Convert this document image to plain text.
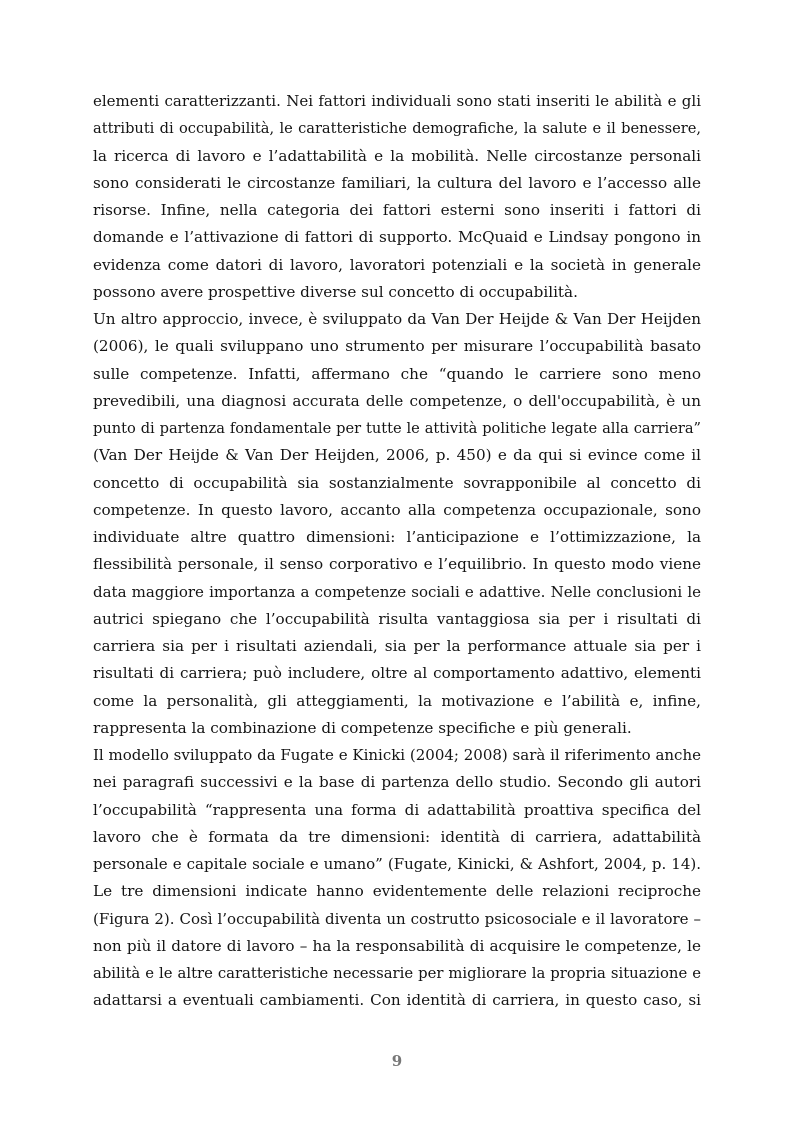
elementi caratterizzanti. Nei fattori individuali sono stati inseriti le abilità e gli
attributi di occupabilità, le caratteristiche demografiche, la salute e il benessere,
la ricerca di lavoro e l’adattabilità e la mobilità. Nelle circostanze personali
sono considerati le circostanze familiari, la cultura del lavoro e l’accesso alle
risorse. Infine, nella categoria dei fattori esterni sono inseriti i fattori di
domande e l’attivazione di fattori di supporto. McQuaid e Lindsay pongono in
evidenza come datori di lavoro, lavoratori potenziali e la società in generale
possono avere prospettive diverse sul concetto di occupabilità.
Un altro approccio, invece, è sviluppato da Van Der Heijde & Van Der Heijden
(2006), le quali sviluppano uno strumento per misurare l’occupabilità basato
sulle competenze. Infatti, affermano che “quando le carriere sono meno
prevedibili, una diagnosi accurata delle competenze, o dell'occupabilità, è un
punto di partenza fondamentale per tutte le attività politiche legate alla carriera”
(Van Der Heijde & Van Der Heijden, 2006, p. 450) e da qui si evince come il
concetto di occupabilità sia sostanzialmente sovrapponibile al concetto di
competenze. In questo lavoro, accanto alla competenza occupazionale, sono
individuate altre quattro dimensioni: l’anticipazione e l’ottimizzazione, la
flessibilità personale, il senso corporativo e l’equilibrio. In questo modo viene
data maggiore importanza a competenze sociali e adattive. Nelle conclusioni le
autrici spiegano che l’occupabilità risulta vantaggiosa sia per i risultati di
carriera sia per i risultati aziendali, sia per la performance attuale sia per i
risultati di carriera; può includere, oltre al comportamento adattivo, elementi
come la personalità, gli atteggiamenti, la motivazione e l’abilità e, infine,
rappresenta la combinazione di competenze specifiche e più generali.
Il modello sviluppato da Fugate e Kinicki (2004; 2008) sarà il riferimento anche
nei paragrafi successivi e la base di partenza dello studio. Secondo gli autori
l’occupabilità “rappresenta una forma di adattabilità proattiva specifica del
lavoro che è formata da tre dimensioni: identità di carriera, adattabilità
personale e capitale sociale e umano” (Fugate, Kinicki, & Ashfort, 2004, p. 14).
Le tre dimensioni indicate hanno evidentemente delle relazioni reciproche
(Figura 2). Così l’occupabilità diventa un costrutto psicosociale e il lavoratore –
non più il datore di lavoro – ha la responsabilità di acquisire le competenze, le
abilità e le altre caratteristiche necessarie per migliorare la propria situazione e
adattarsi a eventuali cambiamenti. Con identità di carriera, in questo caso, si
9
